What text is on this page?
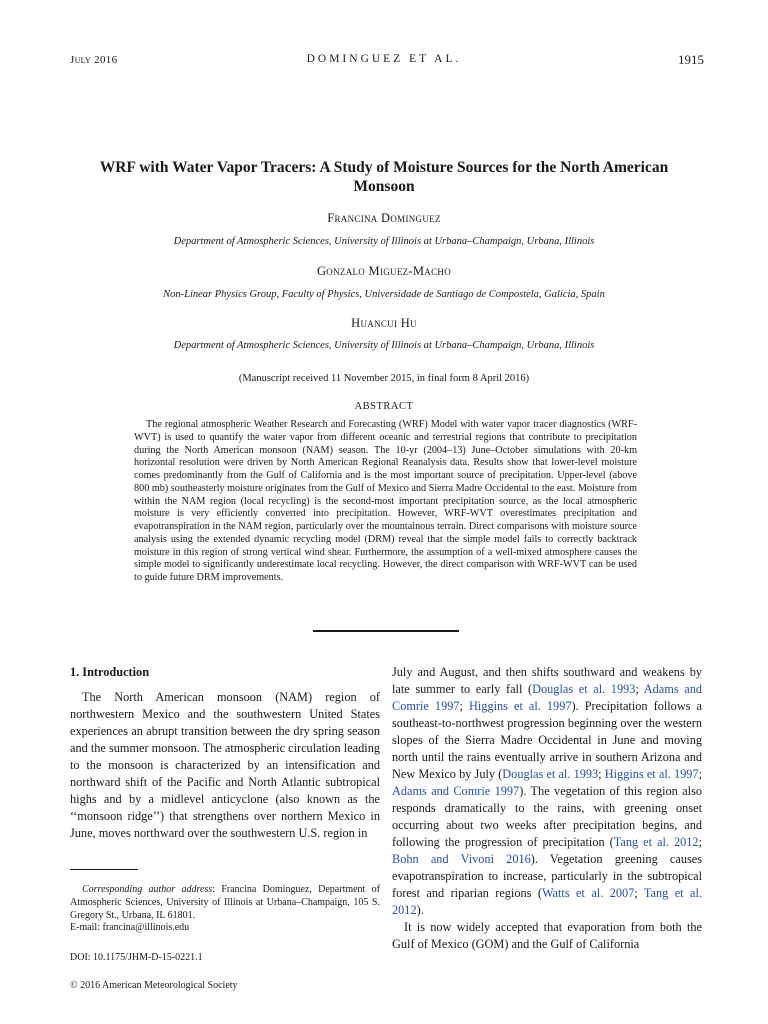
July 2016	DOMINGUEZ ET AL.	1915
WRF with Water Vapor Tracers: A Study of Moisture Sources for the North American Monsoon
Francina Dominguez
Department of Atmospheric Sciences, University of Illinois at Urbana–Champaign, Urbana, Illinois
Gonzalo Miguez-Macho
Non-Linear Physics Group, Faculty of Physics, Universidade de Santiago de Compostela, Galicia, Spain
Huancui Hu
Department of Atmospheric Sciences, University of Illinois at Urbana–Champaign, Urbana, Illinois
(Manuscript received 11 November 2015, in final form 8 April 2016)
ABSTRACT
The regional atmospheric Weather Research and Forecasting (WRF) Model with water vapor tracer diagnostics (WRF-WVT) is used to quantify the water vapor from different oceanic and terrestrial regions that contribute to precipitation during the North American monsoon (NAM) season. The 10-yr (2004–13) June–October simulations with 20-km horizontal resolution were driven by North American Regional Reanalysis data. Results show that lower-level moisture comes predominantly from the Gulf of California and is the most important source of precipitation. Upper-level (above 800 mb) southeasterly moisture originates from the Gulf of Mexico and Sierra Madre Occidental to the east. Moisture from within the NAM region (local recycling) is the second-most important precipitation source, as the local atmospheric moisture is very efficiently converted into precipitation. However, WRF-WVT overestimates precipitation and evapotranspiration in the NAM region, particularly over the mountainous terrain. Direct comparisons with moisture source analysis using the extended dynamic recycling model (DRM) reveal that the simple model fails to correctly backtrack moisture in this region of strong vertical wind shear. Furthermore, the assumption of a well-mixed atmosphere causes the simple model to significantly underestimate local recycling. However, the direct comparison with WRF-WVT can be used to guide future DRM improvements.
1. Introduction

The North American monsoon (NAM) region of northwestern Mexico and the southwestern United States experiences an abrupt transition between the dry spring season and the summer monsoon. The atmospheric circulation leading to the monsoon is characterized by an intensification and northward shift of the Pacific and North Atlantic subtropical highs and by a midlevel anticyclone (also known as the ‘‘monsoon ridge’’) that strengthens over northern Mexico in June, moves northward over the southwestern U.S. region in

July and August, and then shifts southward and weakens by late summer to early fall (Douglas et al. 1993; Adams and Comrie 1997; Higgins et al. 1997). Precipitation follows a southeast-to-northwest progression beginning over the western slopes of the Sierra Madre Occidental in June and moving north until the rains eventually arrive in southern Arizona and New Mexico by July (Douglas et al. 1993; Higgins et al. 1997; Adams and Comrie 1997). The vegetation of this region also responds dramatically to the rains, with greening onset occurring about two weeks after precipitation begins, and following the progression of precipitation (Tang et al. 2012; Bohn and Vivoni 2016). Vegetation greening causes evapotranspiration to increase, particularly in the subtropical forest and riparian regions (Watts et al. 2007; Tang et al. 2012).

It is now widely accepted that evaporation from both the Gulf of Mexico (GOM) and the Gulf of California

Corresponding author address: Francina Dominguez, Department of Atmospheric Sciences, University of Illinois at Urbana–Champaign, 105 S. Gregory St., Urbana, IL 61801.
E-mail: francina@illinois.edu
DOI: 10.1175/JHM-D-15-0221.1
© 2016 American Meteorological Society
